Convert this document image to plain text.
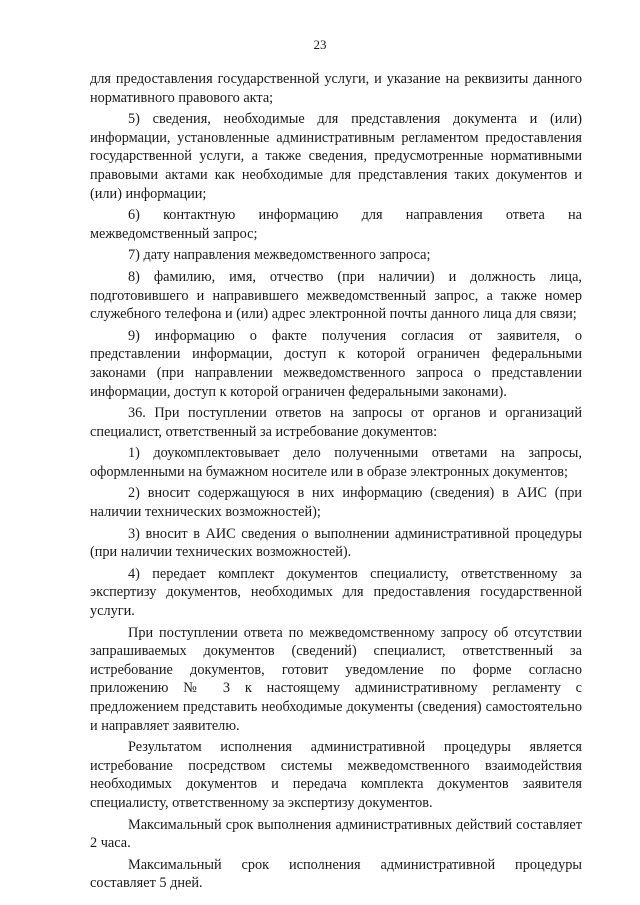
23

для предоставления государственной услуги, и указание на реквизиты данного нормативного правового акта;

5) сведения, необходимые для представления документа и (или) информации, установленные административным регламентом предоставления государственной услуги, а также сведения, предусмотренные нормативными правовыми актами как необходимые для представления таких документов и (или) информации;

6) контактную информацию для направления ответа на межведомственный запрос;

7) дату направления межведомственного запроса;

8) фамилию, имя, отчество (при наличии) и должность лица, подготовившего и направившего межведомственный запрос, а также номер служебного телефона и (или) адрес электронной почты данного лица для связи;

9) информацию о факте получения согласия от заявителя, о представлении информации, доступ к которой ограничен федеральными законами (при направлении межведомственного запроса о представлении информации, доступ к которой ограничен федеральными законами).

36. При поступлении ответов на запросы от органов и организаций специалист, ответственный за истребование документов:

1) доукомплектовывает дело полученными ответами на запросы, оформленными на бумажном носителе или в образе электронных документов;

2) вносит содержащуюся в них информацию (сведения) в АИС (при наличии технических возможностей);

3) вносит в АИС сведения о выполнении административной процедуры (при наличии технических возможностей).

4) передает комплект документов специалисту, ответственному за экспертизу документов, необходимых для предоставления государственной услуги.

При поступлении ответа по межведомственному запросу об отсутствии запрашиваемых документов (сведений) специалист, ответственный за истребование документов, готовит уведомление по форме согласно приложению № 3 к настоящему административному регламенту с предложением представить необходимые документы (сведения) самостоятельно и направляет заявителю.

Результатом исполнения административной процедуры является истребование посредством системы межведомственного взаимодействия необходимых документов и передача комплекта документов заявителя специалисту, ответственному за экспертизу документов.

Максимальный срок выполнения административных действий составляет 2 часа.

Максимальный срок исполнения административной процедуры составляет 5 дней.
